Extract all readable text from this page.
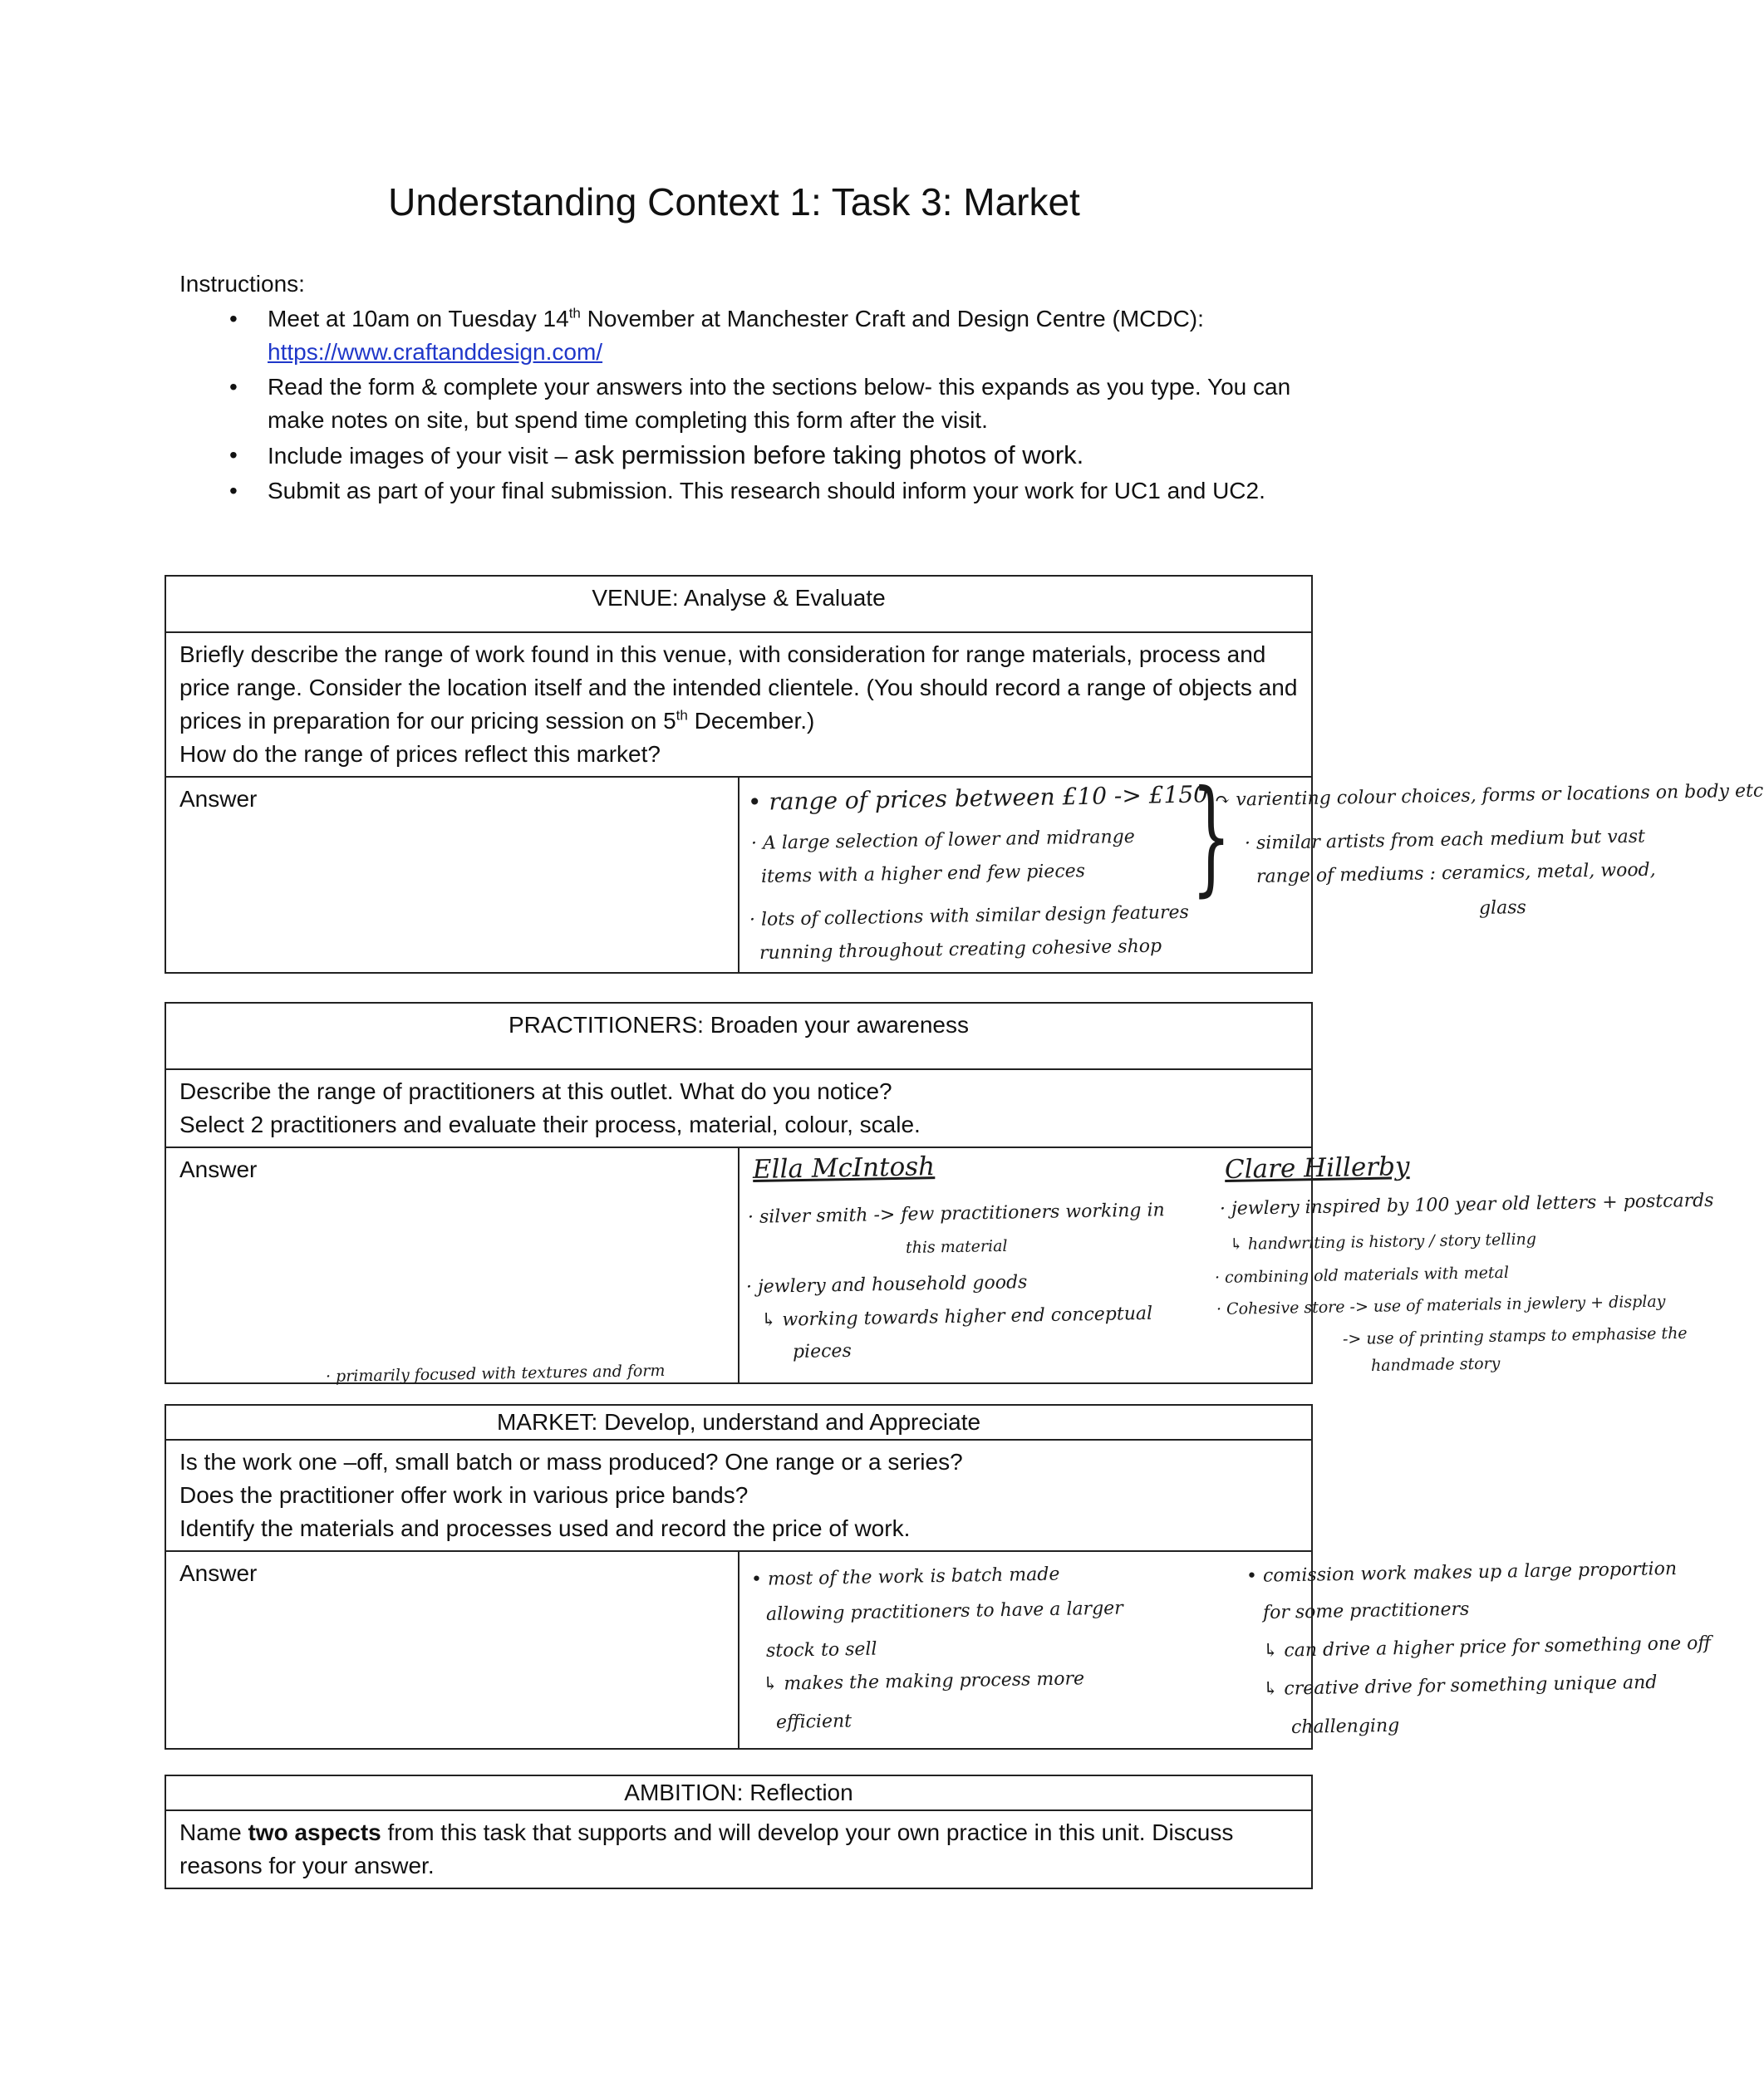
Understanding Context 1: Task 3: Market
Instructions:
• Meet at 10am on Tuesday 14th November at Manchester Craft and Design Centre (MCDC):
https://www.craftanddesign.com/
• Read the form & complete your answers into the sections below- this expands as you type. You can make notes on site, but spend time completing this form after the visit.
• Include images of your visit – ask permission before taking photos of work.
• Submit as part of your final submission. This research should inform your work for UC1 and UC2.
VENUE: Analyse & Evaluate
Briefly describe the range of work found in this venue, with consideration for range materials, process and price range. Consider the location itself and the intended clientele. (You should record a range of objects and prices in preparation for our pricing session on 5th December.)
How do the range of prices reflect this market?
Answer	• range of prices between £10 -> £150
· A large selection of lower and midrange
items with a higher end few pieces
· lots of collections with similar design features
running throughout creating cohesive shop
}
↷ varienting colour choices, forms or locations on body etc
· similar artists from each medium but vast
range of mediums : ceramics, metal, wood,
glass
PRACTITIONERS: Broaden your awareness
Describe the range of practitioners at this outlet. What do you notice?
Select 2 practitioners and evaluate their process, material, colour, scale.
Answer	Ella McIntosh
· silver smith -> few practitioners working in
this material
· jewlery and household goods
↳ working towards higher end conceptual
pieces
Clare Hillerby
· jewlery inspired by 100 year old letters + postcards
↳ handwriting is history / story telling
· combining old materials with metal
· Cohesive store -> use of materials in jewlery + display
-> use of printing stamps to emphasise the
handmade story
· primarily focused with textures and form
MARKET: Develop, understand and Appreciate
Is the work one –off, small batch or mass produced? One range or a series?
Does the practitioner offer work in various price bands?
Identify the materials and processes used and record the price of work.
Answer	• most of the work is batch made
allowing practitioners to have a larger
stock to sell
↳ makes the making process more
efficient
• comission work makes up a large proportion
for some practitioners
↳ can drive a higher price for something one off
↳ creative drive for something unique and
challenging
AMBITION: Reflection
Name two aspects from this task that supports and will develop your own practice in this unit. Discuss reasons for your answer.
